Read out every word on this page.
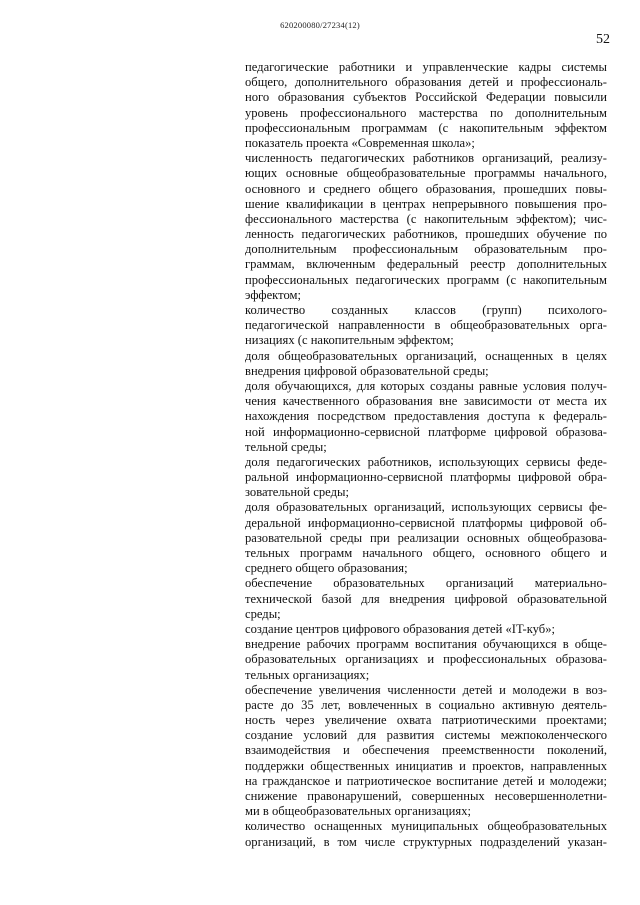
620200080/27234(12)
52
педагогические работники и управленческие кадры системы
общего, дополнительного образования детей и профессиональ-
ного образования субъектов Российской Федерации повысили
уровень профессионального мастерства по дополнительным
профессиональным программам (с накопительным эффектом
показатель проекта «Современная школа»;
численность педагогических работников организаций, реализу-
ющих основные общеобразовательные программы начального,
основного и среднего общего образования, прошедших повы-
шение квалификации в центрах непрерывного повышения про-
фессионального мастерства (с накопительным эффектом); чис-
ленность педагогических работников, прошедших обучение по
дополнительным профессиональным образовательным про-
граммам, включенным федеральный реестр дополнительных
профессиональных педагогических программ (с накопительным
эффектом;
количество созданных классов (групп) психолого-
педагогической направленности в общеобразовательных орга-
низациях (с накопительным эффектом;
доля общеобразовательных организаций, оснащенных в целях
внедрения цифровой образовательной среды;
доля обучающихся, для которых созданы равные условия получ-
чения качественного образования вне зависимости от места их
нахождения посредством предоставления доступа к федераль-
ной информационно-сервисной платформе цифровой образова-
тельной среды;
доля педагогических работников, использующих сервисы феде-
ральной информационно-сервисной платформы цифровой обра-
зовательной среды;
доля образовательных организаций, использующих сервисы фе-
деральной информационно-сервисной платформы цифровой об-
разовательной среды при реализации основных общеобразова-
тельных программ начального общего, основного общего и
среднего общего образования;
обеспечение образовательных организаций материально-
технической базой для внедрения цифровой образовательной
среды;
создание центров цифрового образования детей «IT-куб»;
внедрение рабочих программ воспитания обучающихся в обще-
образовательных организациях и профессиональных образова-
тельных организациях;
обеспечение увеличения численности детей и молодежи в воз-
расте до 35 лет, вовлеченных в социально активную деятель-
ность через увеличение охвата патриотическими проектами;
создание условий для развития системы межпоколенческого
взаимодействия и обеспечения преемственности поколений,
поддержки общественных инициатив и проектов, направленных
на гражданское и патриотическое воспитание детей и молодежи;
снижение правонарушений, совершенных несовершеннолетни-
ми в общеобразовательных организациях;
количество оснащенных муниципальных общеобразовательных
организаций, в том числе структурных подразделений указан-
